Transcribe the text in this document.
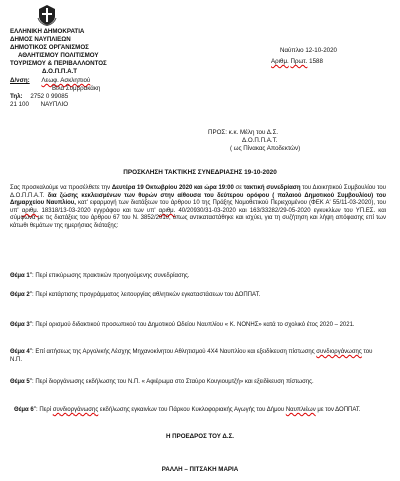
ΕΛΛΗΝΙΚΗ ΔΗΜΟΚΡΑΤΙΑ
ΔΗΜΟΣ ΝΑΥΠΛΙΕΩΝ
ΔΗΜΟΤΙΚΟΣ ΟΡΓΑΝΙΣΜΟΣ
ΑΘΛΗΤΙΣΜΟΥ ΠΟΛΙΤΙΣΜΟΥ
ΤΟΥΡΙΣΜΟΥ & ΠΕΡΙΒΑΛΛΟΝΤΟΣ
Δ.Ο.Π.Π.Α.Τ
Δ/νση: Λεωφ. Ασκληπιού
Βίλα Συμβρακάκη
Τηλ: 2752 0 99085
21 100 ΝΑΥΠΛΙΟ
Ναύπλιο 12-10-2020
Αριθμ. Πρωτ. 1588
ΠΡΟΣ: κ.κ. Μέλη του Δ.Σ.
Δ.Ο.Π.Π.Α.Τ.
( ως Πίνακας Αποδεκτών)
ΠΡΟΣΚΛΗΣΗ ΤΑΚΤΙΚΗΣ ΣΥΝΕΔΡΙΑΣΗΣ 19-10-2020
Σας προσκαλούμε να προσέλθετε την Δευτέρα 19 Οκτωβρίου 2020 και ώρα 19:00 σε τακτική συνεδρίαση του Διοικητικού Συμβουλίου του Δ.Ο.Π.Π.Α.Τ. δια ζώσης κεκλεισμένων των θυρών στην αίθουσα του δεύτερου ορόφου ( παλαιού Δημοτικού Συμβουλίου) του Δημαρχείου Ναυπλίου, κατ' εφαρμογή των διατάξεων του άρθρου 10 της Πράξης Νομοθετικού Περιεχομένου (ΦΕΚ Α' 55/11-03-2020), του υπ' αριθμ. 18318/13-03-2020 εγγράφου και των υπ' αριθμ. 40/20930/31-03-2020 και 163/33282/29-05-2020 εγκυκλίων του ΥΠ.ΕΣ. και σύμφωνα με τις διατάξεις του άρθρου 67 του Ν. 3852/2010, όπως αντικαταστάθηκε και ισχύει, για τη συζήτηση και λήψη απόφασης επί των κάτωθι θεμάτων της ημερήσιας διάταξης:
Θέμα $1^o$: Περί επικύρωσης πρακτικών προηγούμενης συνεδρίασης.
Θέμα $2^o$: Περί κατάρτισης προγράμματος λειτουργίας αθλητικών εγκαταστάσεων του ΔΟΠΠΑΤ.
Θέμα $3^o$: Περί ορισμού διδακτικού προσωπικού του Δημοτικού Ωδείου Ναυπλίου « Κ. ΝΟΝΗΣ» κατά το σχολικό έτος 2020 – 2021.
Θέμα $4^o$: Επί αιτήσεως της Αργολικής Λέσχης Μηχανοκίνητου Αθλητισμού 4Χ4 Ναυπλίου και εξειδίκευση πίστωσης συνδιοργάνωσης του Ν.Π.
Θέμα $5^o$: Περί διοργάνωσης εκδήλωσης του Ν.Π. « Αφιέρωμα στο Σταύρο Κουγιουμτζή» και εξειδίκευση πίστωσης.
Θέμα $6^o$: Περί συνδιοργάνωσης εκδήλωσης εγκαινίων του Πάρκου Κυκλοφοριακής Αγωγής του Δήμου Ναυπλιέων με τον ΔΟΠΠΑΤ.
Η ΠΡΟΕΔΡΟΣ ΤΟΥ Δ.Σ.
ΡΑΛΛΗ – ΠΙΤΣΑΚΗ ΜΑΡΙΑ
